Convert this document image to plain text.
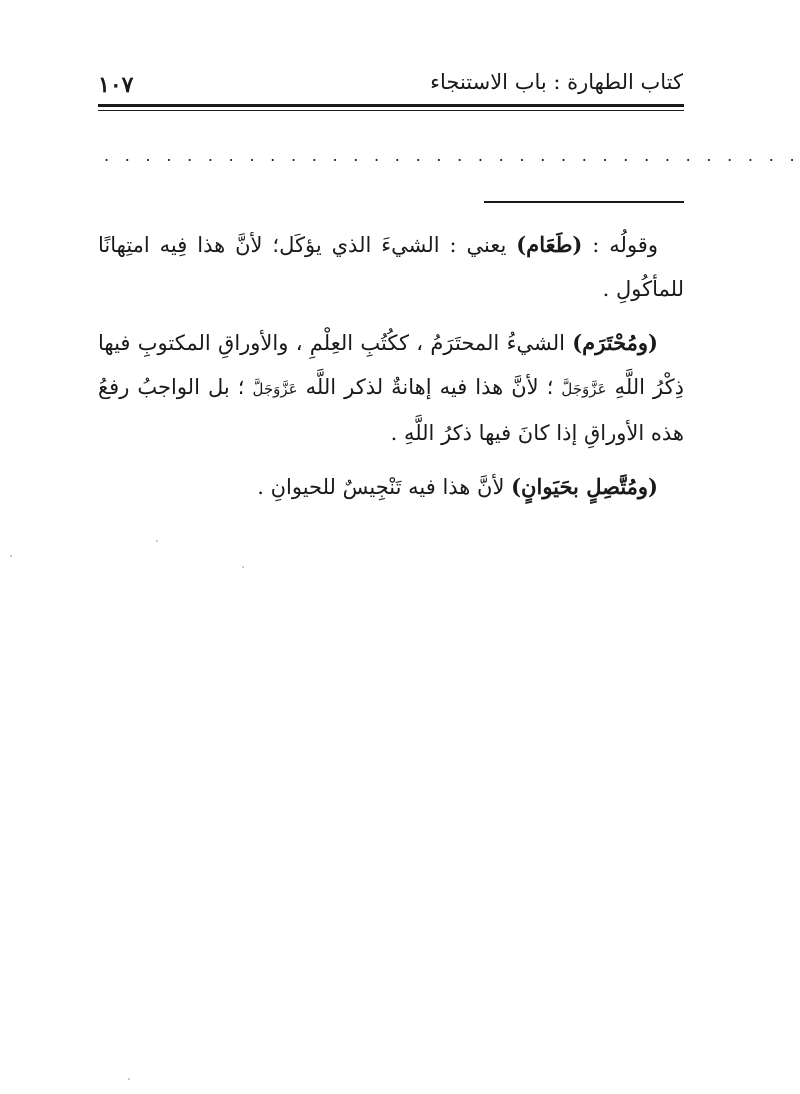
كتاب الطهارة : باب الاستنجاء
١٠٧
. . . . . . . . . . . . . . . . . . . . . . . . . . . . . . . . . .

وقولُه : (طَعَام) يعني : الشيءَ الذي يؤكَل؛ لأنَّ هذا فِيه امتِهانًا للمأكُولِ .

(ومُحْتَرَم) الشيءُ المحتَرَمُ ، ككُتُبِ العِلْمِ ، والأوراقِ المكتوبِ فيها ذِكْرُ اللَّهِ عَزَّوَجَلَّ ؛ لأنَّ هذا فيه إهانةٌ لذكر اللَّه عَزَّوَجَلَّ ؛ بل الواجبُ رفعُ هذه الأوراقِ إذا كانَ فيها ذكرُ اللَّهِ .

(ومُتَّصِلٍ بحَيَوانٍ) لأنَّ هذا فيه تَنْجِيسٌ للحيوانِ .
